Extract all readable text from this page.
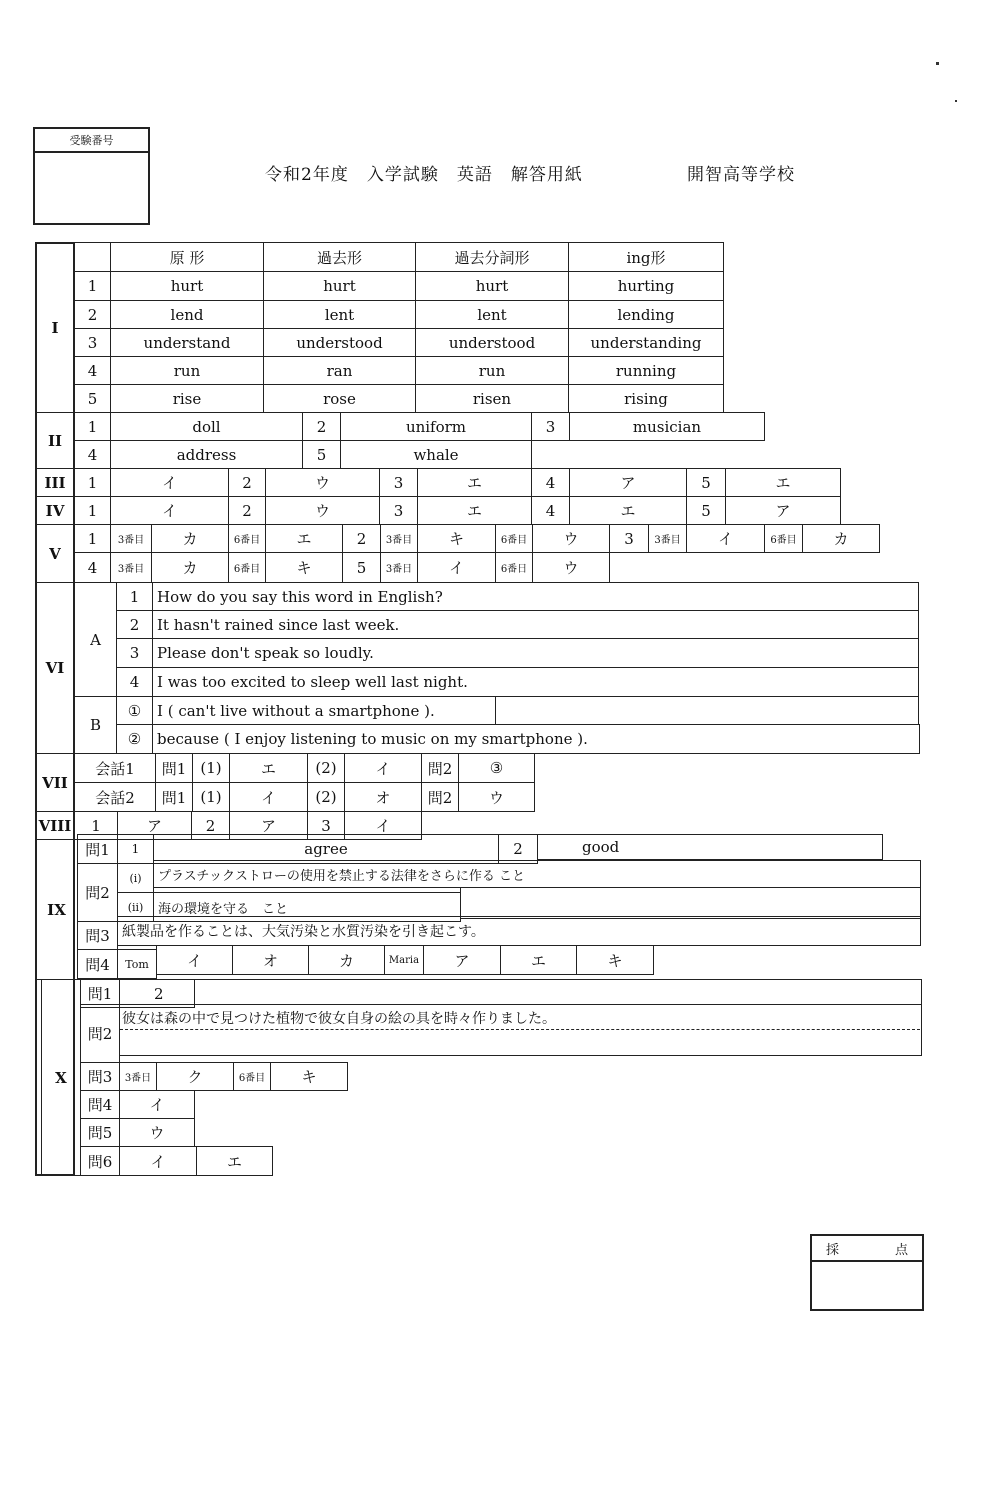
受験番号
令和2年度　入学試験　英語　解答用紙	開智高等学校
I
原 形	過去形	過去分詞形	ing形
1	hurt	hurt	hurt	hurting
2	lend	lent	lent	lending
3	understand	understood	understood	understanding
4	run	ran	run	running
5	rise	rose	risen	rising
II
1	doll	2	uniform	3	musician
4	address	5	whale
III	1	イ	2	ウ	3	エ	4	ア	5	エ
IV	1	イ	2	ウ	3	エ	4	エ	5	ア
V
1	3番目	カ	6番目	エ	2	3番目	キ	6番目	ウ	3	3番目	イ	6番目	カ
4	3番目	カ	6番目	キ	5	3番日	イ	6番日	ウ
VI
A
1	How do you say this word in English?
2	It hasn't rained since last week.
3	Please don't speak so loudly.
4	I was too excited to sleep well last night.
B
①	I ( can't live without a smartphone ).
②	because ( I enjoy listening to music on my smartphone ).
VII
会話1	問1 (1)	エ	(2)	イ	問2	③
会話2	問1 (1)	イ	(2)	オ	問2	ウ
VIII	1	ア	2	ア	3	イ
IX
問1	1	agree	2	good
問2
(i)	プラスチックストローの使用を禁止する法律をさらに作る こと
(ii)	海の環境を守る　こと
問3 紙製品を作ることは、大気汚染と水質汚染を引き起こす。
問4	Tom	イ	オ	カ	Maria	ア	エ	キ
X
問1	2
問2
彼女は森の中で見つけた植物で彼女自身の絵の具を時々作りました。
問3	3番日	ク	6番目	キ
問4	イ
問5	ウ
問6	イ	エ
採	点
